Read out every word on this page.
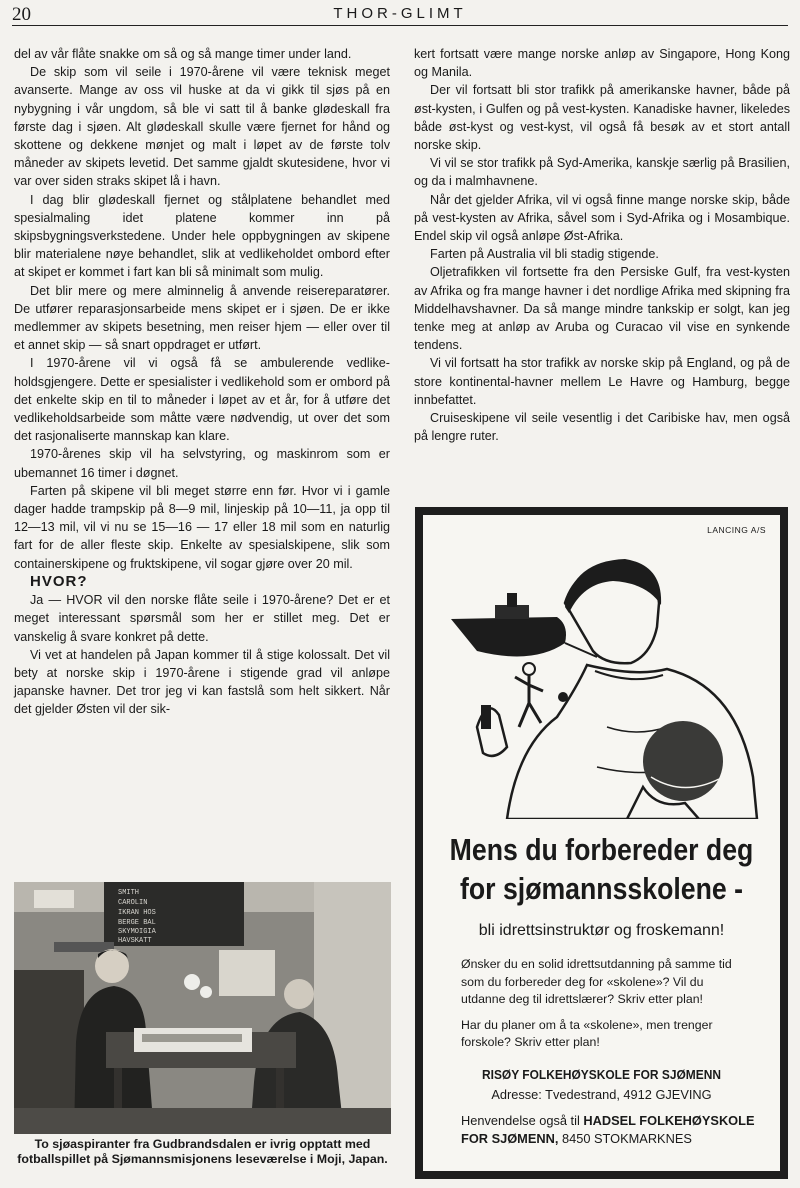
20	THOR-GLIMT

del av vår flåte snakke om så og så mange timer under land.

De skip som vil seile i 1970-årene vil være teknisk meget avanserte. Mange av oss vil huske at da vi gikk til sjøs på en nybygning i vår ungdom, så ble vi satt til å banke glødeskall fra første dag i sjøen. Alt glødeskall skulle være fjernet for hånd og skottene og dekkene mønjet og malt i løpet av de første tolv måneder av skipets levetid. Det samme gjaldt skutesidene, hvor vi var over siden straks skipet lå i havn.

I dag blir glødeskall fjernet og stålplatene behandlet med spesialmaling idet platene kommer inn på skipsbygningsverkstedene. Under hele oppbygningen av skipene blir materialene nøye behandlet, slik at vedlikeholdet ombord efter at skipet er kommet i fart kan bli så minimalt som mulig.

Det blir mere og mere alminnelig å anvende reisereparatører. De utfører reparasjonsarbeide mens skipet er i sjøen. De er ikke medlemmer av skipets besetning, men reiser hjem — eller over til et annet skip — så snart oppdraget er utført.

I 1970-årene vil vi også få se ambulerende vedlikeholdsgjengere. Dette er spesialister i vedlikehold som er ombord på det enkelte skip en til to måneder i løpet av et år, for å utføre det vedlikeholdsarbeide som måtte være nødvendig, ut over det som det rasjonaliserte mannskap kan klare.

1970-årenes skip vil ha selvstyring, og maskinrom som er ubemannet 16 timer i døgnet.

Farten på skipene vil bli meget større enn før. Hvor vi i gamle dager hadde trampskip på 8—9 mil, linjeskip på 10—11, ja opp til 12—13 mil, vil vi nu se 15—16 — 17 eller 18 mil som en naturlig fart for de aller fleste skip. Enkelte av spesialskipene, slik som containerskipene og fruktskipene, vil sogar gjøre over 20 mil.

HVOR?

Ja — HVOR vil den norske flåte seile i 1970-årene? Det er et meget interessant spørsmål som her er stillet meg. Det er vanskelig å svare konkret på dette.

Vi vet at handelen på Japan kommer til å stige kolossalt. Det vil bety at norske skip i 1970-årene i stigende grad vil anløpe japanske havner. Det tror jeg vi kan fastslå som helt sikkert. Når det gjelder Østen vil der sik-

SMITH
CAROLIN
IKRAN HOS
BERGE BAL
SKYMOIGIA
HAVSKATT
To sjøaspiranter fra Gudbrandsdalen er ivrig opptatt med fotballspillet på Sjømannsmisjonens leseværelse i Moji, Japan.

kert fortsatt være mange norske anløp av Singapore, Hong Kong og Manila.

Der vil fortsatt bli stor trafikk på amerikanske havner, både på øst-kysten, i Gulfen og på vest-kysten. Kanadiske havner, likeledes både øst-kyst og vest-kyst, vil også få besøk av et stort antall norske skip.

Vi vil se stor trafikk på Syd-Amerika, kanskje særlig på Brasilien, og da i malmhavnene.

Når det gjelder Afrika, vil vi også finne mange norske skip, både på vest-kysten av Afrika, såvel som i Syd-Afrika og i Mosambique. Endel skip vil også anløpe Øst-Afrika.

Farten på Australia vil bli stadig stigende.

Oljetrafikken vil fortsette fra den Persiske Gulf, fra vest-kysten av Afrika og fra mange havner i det nordlige Afrika med skipning fra Middelhavshavner. Da så mange mindre tankskip er solgt, kan jeg tenke meg at anløp av Aruba og Curacao vil vise en synkende tendens.

Vi vil fortsatt ha stor trafikk av norske skip på England, og på de store kontinental-havner mellem Le Havre og Hamburg, begge innbefattet.

Cruiseskipene vil seile vesentlig i det Caribiske hav, men også på lengre ruter.

LANCING A/S
Mens du forbereder deg
for sjømannsskolene -
bli idrettsinstruktør og froskemann!

Ønsker du en solid idrettsutdanning på samme tid som du forbereder deg for «skolene»? Vil du utdanne deg til idrettslærer? Skriv etter plan!

Har du planer om å ta «skolene», men trenger forskole? Skriv etter plan!

RISØY FOLKEHØYSKOLE FOR SJØMENN
Adresse: Tvedestrand, 4912 GJEVING
Henvendelse også til HADSEL FOLKEHØYSKOLE FOR SJØMENN, 8450 STOKMARKNES
